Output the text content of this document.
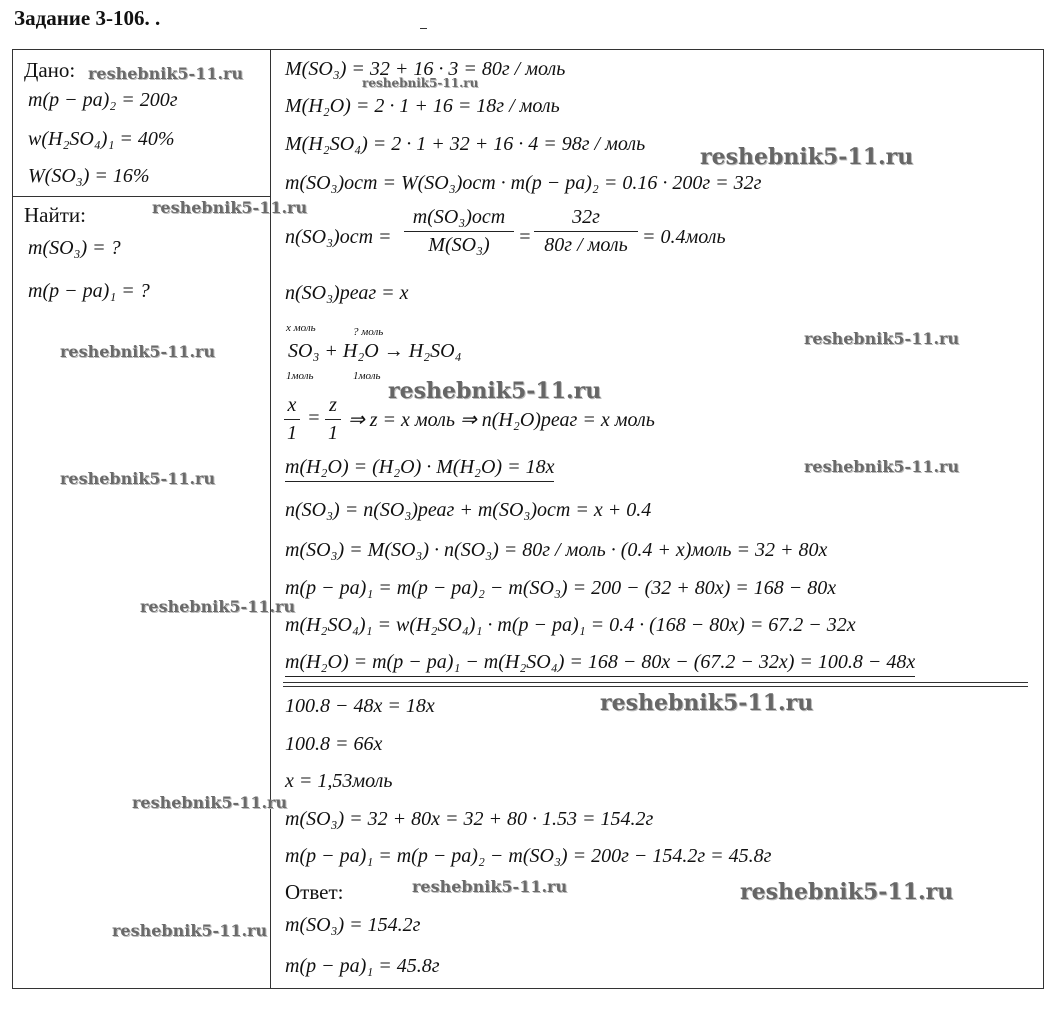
Задание 3-106. .
Дано:
m(p − pa)₂ = 200г
w(H₂SO₄)₁ = 40%
W(SO₃) = 16%
Найти:
m(SO₃) = ?
m(p − pa)₁ = ?
M(SO₃) = 32 + 16 · 3 = 80г / моль
M(H₂O) = 2 · 1 + 16 = 18г / моль
M(H₂SO₄) = 2 · 1 + 32 + 16 · 4 = 98г / моль
m(SO₃)ост = W(SO₃)ост · m(p − pa)₂ = 0.16 · 200г = 32г
n(SO₃)ост =
m(SO₃)ост
M(SO₃)	=
32г
80г / моль = 0.4моль
n(SO₃)реаг = x
x моль	? моль
SO₃ + H₂O → H₂SO₄
1моль	1моль
x
1
=
z
1
⇒ z = x моль ⇒ n(H₂O)реаг = x моль
m(H₂O) = (H₂O) · M(H₂O) = 18x
n(SO₃) = n(SO₃)реаг + m(SO₃)ост = x + 0.4
m(SO₃) = M(SO₃) · n(SO₃) = 80г / моль · (0.4 + x)моль = 32 + 80x
m(p − pa)₁ = m(p − pa)₂ − m(SO₃) = 200 − (32 + 80x) = 168 − 80x
m(H₂SO₄)₁ = w(H₂SO₄)₁ · m(p − pa)₁ = 0.4 · (168 − 80x) = 67.2 − 32x
m(H₂O) = m(p − pa)₁ − m(H₂SO₄) = 168 − 80x − (67.2 − 32x) = 100.8 − 48x
100.8 − 48x = 18x
100.8 = 66x
x = 1,53моль
m(SO₃) = 32 + 80x = 32 + 80 · 1.53 = 154.2г
m(p − pa)₁ = m(p − pa)₂ − m(SO₃) = 200г − 154.2г = 45.8г
Ответ:
m(SO₃) = 154.2г
m(p − pa)₁ = 45.8г
reshebnik5-11.ru	reshebnik5-11.ru
reshebnik5-11.ru
reshebnik5-11.ru
reshebnik5-11.ru
reshebnik5-11.ru
reshebnik5-11.ru
reshebnik5-11.ru
reshebnik5-11.ru
reshebnik5-11.ru
reshebnik5-11.ru
reshebnik5-11.ru
reshebnik5-11.ru	reshebnik5-11.ru
reshebnik5-11.ru
